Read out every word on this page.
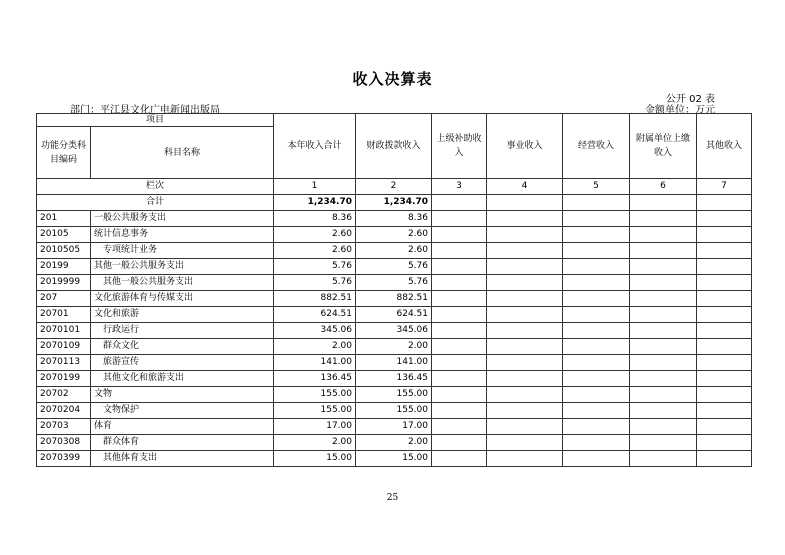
收入决算表
公开 02 表
部门：平江县文化广电新闻出版局	金额单位：万元
项目		本年收入合计	财政拨款收入	上级补助收入	事业收入	经营收入	附属单位上缴收入	其他收入
功能分类科目编码	科目名称							
栏次		1	2	3	4	5	6	7
合计		1,234.70	1,234.70					
201	一般公共服务支出	8.36	8.36					
20105	统计信息事务	2.60	2.60					
2010505	专项统计业务	2.60	2.60					
20199	其他一般公共服务支出	5.76	5.76					
2019999	其他一般公共服务支出	5.76	5.76					
207	文化旅游体育与传媒支出	882.51	882.51					
20701	文化和旅游	624.51	624.51					
2070101	行政运行	345.06	345.06					
2070109	群众文化	2.00	2.00					
2070113	旅游宣传	141.00	141.00					
2070199	其他文化和旅游支出	136.45	136.45					
20702	文物	155.00	155.00					
2070204	文物保护	155.00	155.00					
20703	体育	17.00	17.00					
2070308	群众体育	2.00	2.00					
2070399	其他体育支出	15.00	15.00					
25
